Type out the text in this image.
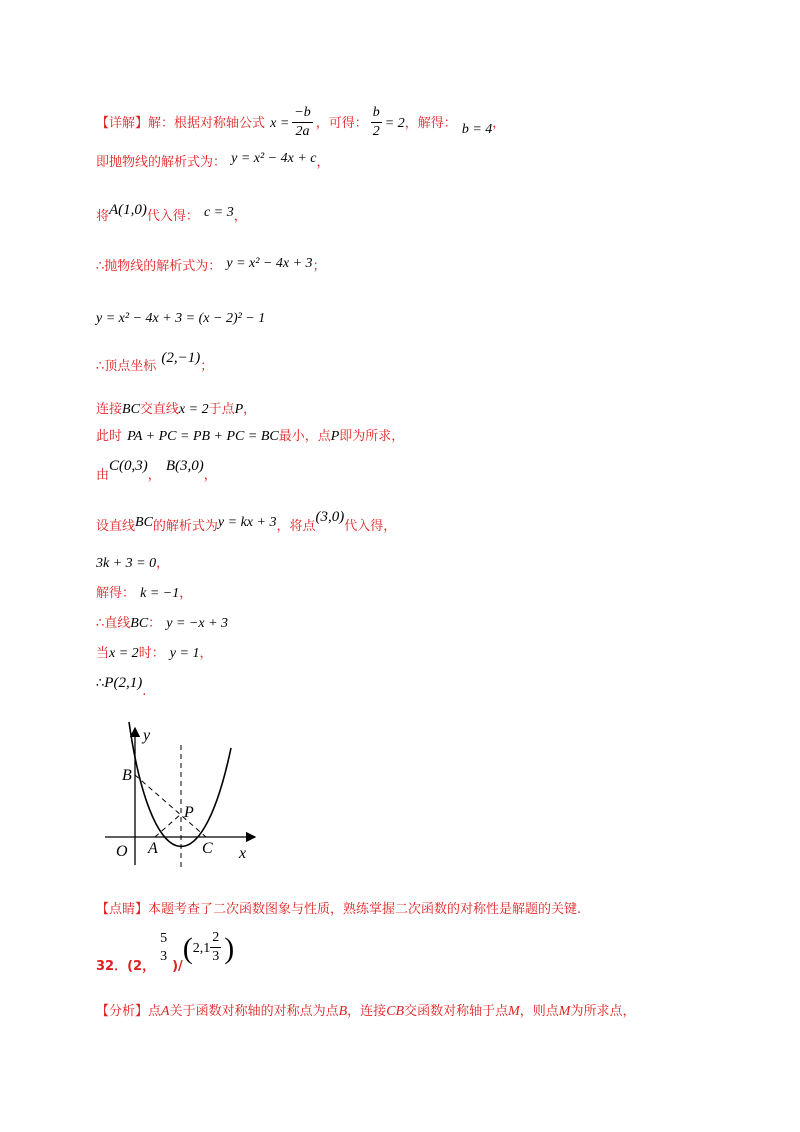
【详解】解：根据对称轴公式 $x = \frac{-b}{2a}$ ，可得： $\frac{b}{2} = 2$，解得： b = 4，
即抛物线的解析式为： y = x² − 4x + c，
将A(1,0)代入得： c = 3，
∴抛物线的解析式为： y = x² − 4x + 3；
y = x² − 4x + 3 = (x − 2)² − 1
∴顶点坐标 (2,−1)；
连接BC交直线x = 2于点P，
此时 PA + PC = PB + PC = BC最小，点P即为所求，
由C(0,3)， B(3,0)，
设直线BC的解析式为y = kx + 3，将点(3,0)代入得，
3k + 3 = 0，
解得： k = −1，
∴直线BC： y = −x + 3
当x = 2时： y = 1，
$\therefore P(2,1)_.$
y
B
P
O A	C x
【点睛】本题考查了二次函数图象与性质，熟练掌握二次函数的对称性是解题的关键.
$_{32.(2,}$
5
3
$_{)/}(2,1 \frac{2}{3}$ )
【分析】点A关于函数对称轴的对称点为点B，连接CB交函数对称轴于点M，则点M为所求点，
